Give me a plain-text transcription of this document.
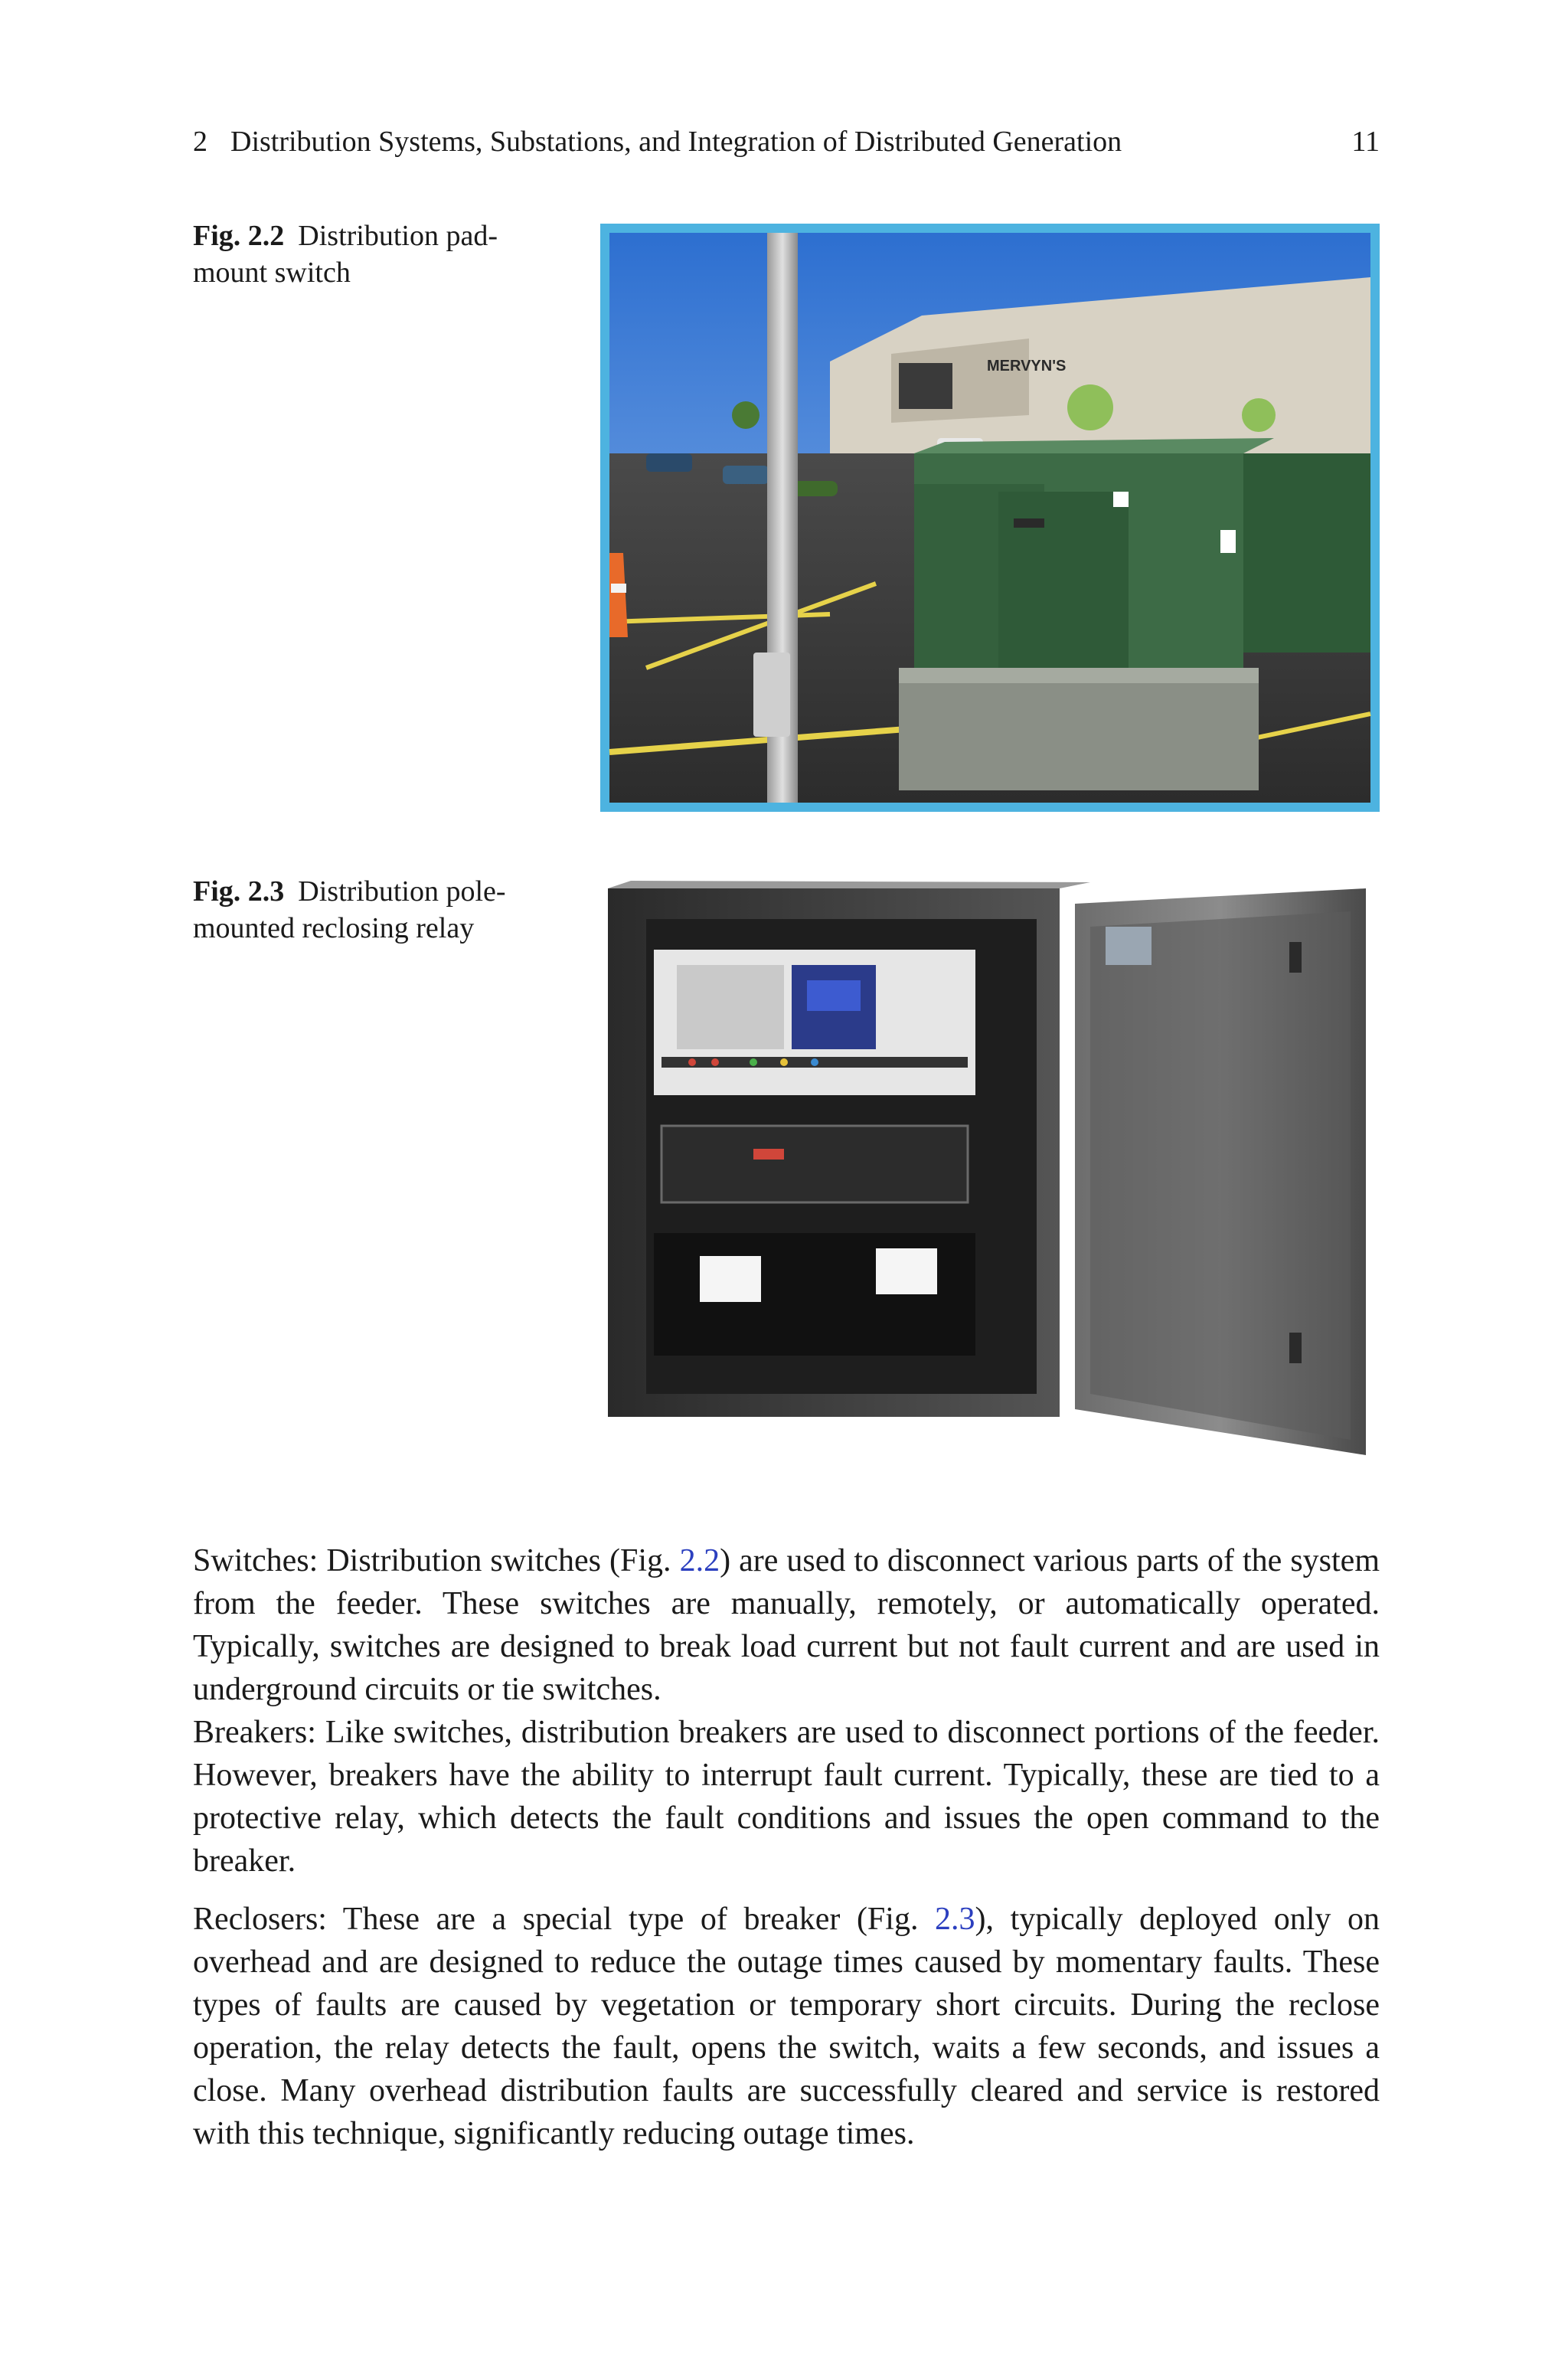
2 Distribution Systems, Substations, and Integration of Distributed Generation	11
Fig. 2.2 Distribution pad-mount switch
MERVYN'S
Fig. 2.3 Distribution pole-mounted reclosing relay

Switches: Distribution switches (Fig. 2.2) are used to disconnect various parts of the system from the feeder. These switches are manually, remotely, or automatically operated. Typically, switches are designed to break load current but not fault current and are used in underground circuits or tie switches.

Breakers: Like switches, distribution breakers are used to disconnect portions of the feeder. However, breakers have the ability to interrupt fault current. Typically, these are tied to a protective relay, which detects the fault conditions and issues the open command to the breaker.

Reclosers: These are a special type of breaker (Fig. 2.3), typically deployed only on overhead and are designed to reduce the outage times caused by momentary faults. These types of faults are caused by vegetation or temporary short circuits. During the reclose operation, the relay detects the fault, opens the switch, waits a few seconds, and issues a close. Many overhead distribution faults are successfully cleared and service is restored with this technique, significantly reducing outage times.
